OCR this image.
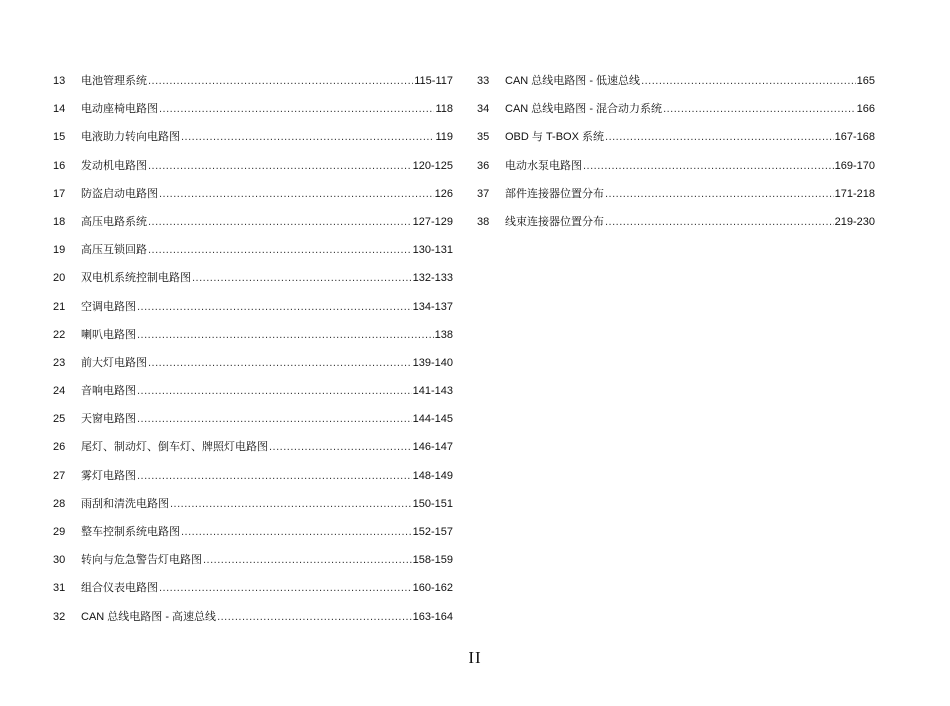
13	电池管理系统 .....	115-117
14	电动座椅电路图 .....	118
15	电液助力转向电路图 .....	119
16	发动机电路图 .....	120-125
17	防盗启动电路图 .....	126
18	高压电路系统 .....	127-129
19	高压互锁回路 .....	130-131
20	双电机系统控制电路图 .....	132-133
21	空调电路图 .....	134-137
22	喇叭电路图 .....	138
23	前大灯电路图 .....	139-140
24	音响电路图 .....	141-143
25	天窗电路图 .....	144-145
26	尾灯、制动灯、倒车灯、牌照灯电路图 .....	146-147
27	雾灯电路图 .....	148-149
28	雨刮和清洗电路图 .....	150-151
29	整车控制系统电路图 .....	152-157
30	转向与危急警告灯电路图 .....	158-159
31	组合仪表电路图 .....	160-162
32	CAN 总线电路图 - 高速总线 .....	163-164
33	CAN 总线电路图 - 低速总线 .....	165
34	CAN 总线电路图 - 混合动力系统 .....	166
35	OBD 与 T-BOX 系统 .....	167-168
36	电动水泵电路图 .....	169-170
37	部件连接器位置分布 .....	171-218
38	线束连接器位置分布 .....	219-230
II
